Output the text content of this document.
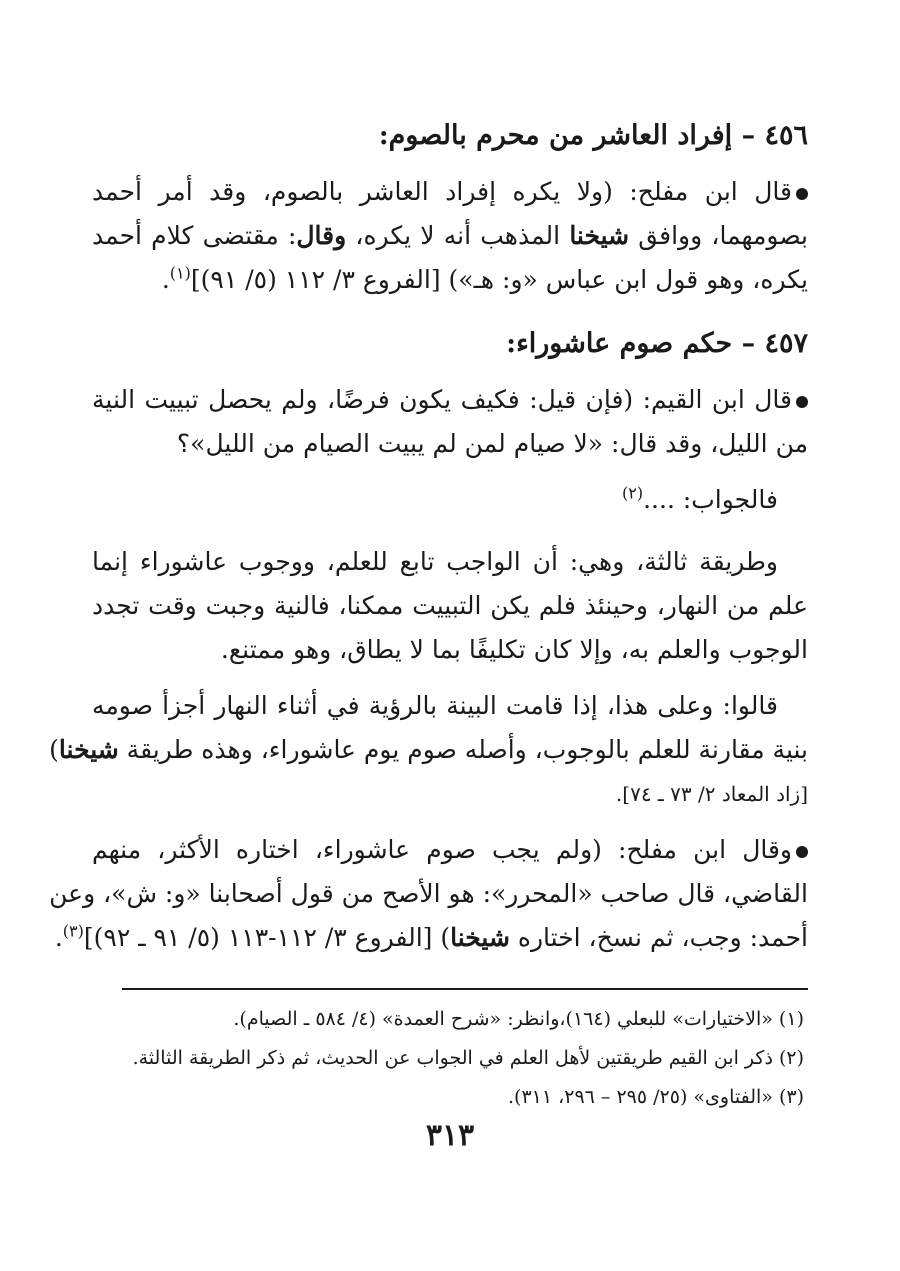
٤٥٦ – إفراد العاشر من محرم بالصوم:
قال ابن مفلح: (ولا يكره إفراد العاشر بالصوم، وقد أمر أحمد
بصومهما، ووافق شيخنا المذهب أنه لا يكره، وقال: مقتضى كلام أحمد
يكره، وهو قول ابن عباس «و: هـ») [الفروع ٣/ ١١٢ (٥/ ٩١)]$^{(١)}$.
٤٥٧ – حكم صوم عاشوراء:
قال ابن القيم: (فإن قيل: فكيف يكون فرضًا، ولم يحصل تبييت النية
من الليل، وقد قال: «لا صيام لمن لم يبيت الصيام من الليل»؟
فالجواب: ....$^{(٢)}$
وطريقة ثالثة، وهي: أن الواجب تابع للعلم، ووجوب عاشوراء إنما
علم من النهار، وحينئذ فلم يكن التبييت ممكنا، فالنية وجبت وقت تجدد
الوجوب والعلم به، وإلا كان تكليفًا بما لا يطاق، وهو ممتنع.
قالوا: وعلى هذا، إذا قامت البينة بالرؤية في أثناء النهار أجزأ صومه
بنية مقارنة للعلم بالوجوب، وأصله صوم يوم عاشوراء، وهذه طريقة شيخنا)
[زاد المعاد ٢/ ٧٣ ـ ٧٤].
وقال ابن مفلح: (ولم يجب صوم عاشوراء، اختاره الأكثر، منهم
القاضي، قال صاحب «المحرر»: هو الأصح من قول أصحابنا «و: ش»، وعن
أحمد: وجب، ثم نسخ، اختاره شيخنا) [الفروع ٣/ ١١٢-١١٣ (٥/ ٩١ ـ ٩٢)]$^{(٣)}$.
(١) «الاختيارات» للبعلي (١٦٤)،وانظر: «شرح العمدة» (٤/ ٥٨٤ ـ الصيام).
(٢) ذكر ابن القيم طريقتين لأهل العلم في الجواب عن الحديث، ثم ذكر الطريقة الثالثة.
(٣) «الفتاوى» (٢٥/ ٢٩٥ – ٢٩٦، ٣١١).
٣١٣
